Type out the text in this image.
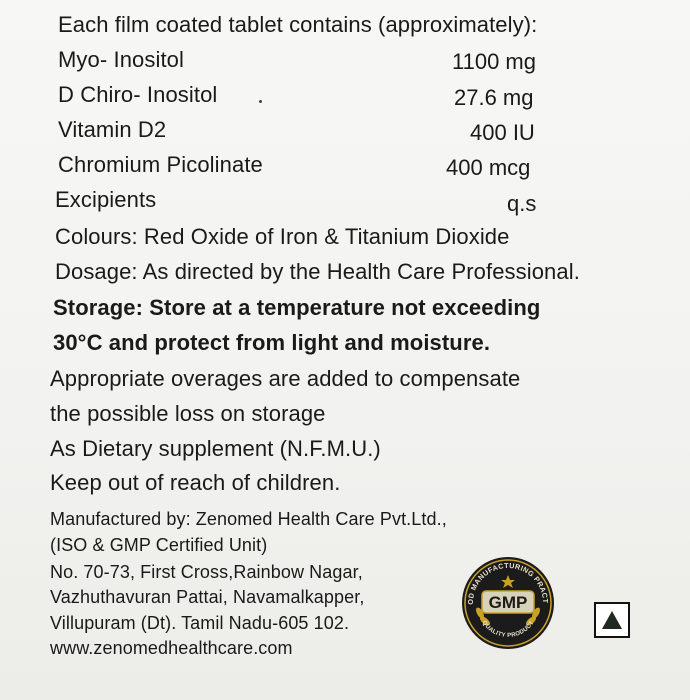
Each film coated tablet contains (approximately):
Myo- Inositol	1100 mg
D Chiro- Inositol	27.6 mg
Vitamin D2	400 IU
Chromium Picolinate	400 mcg
Excipients	q.s
Colours: Red Oxide of Iron & Titanium Dioxide
Dosage: As directed by the Health Care Professional.
Storage: Store at a temperature not exceeding
30°C and protect from light and moisture.
Appropriate overages are added to compensate
the possible loss on storage
As Dietary supplement (N.F.M.U.)
Keep out of reach of children.
Manufactured by: Zenomed Health Care Pvt.Ltd.,
(ISO & GMP Certified Unit)
No. 70-73, First Cross,Rainbow Nagar,
Vazhuthavuran Pattai, Navamalkapper,
Villupuram (Dt). Tamil Nadu-605 102.
www.zenomedhealthcare.com
OD MANUFACTURING PRACT
QUALITY PRODUCT
GMP
